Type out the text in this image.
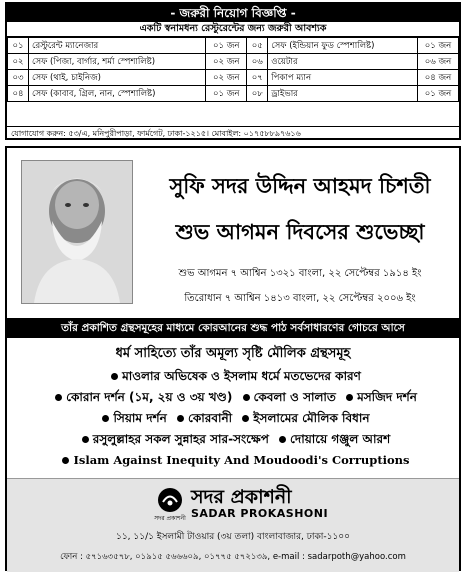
- জরুরী নিয়োগ বিজ্ঞপ্তি -
একটি স্বনামধন্য রেস্টুরেন্টের জন্য জরুরী আবশ্যক
০১	রেস্টুরেন্ট ম্যানেজার	০১ জন	০৫	সেফ (ইন্ডিয়ান ফুড স্পেশালিষ্ট)	০১ জন
০২	সেফ (পিজা, বার্গার, শর্মা স্পেশালিষ্ট)	০২ জন	০৬	ওয়েটার	০৬ জন
০৩	সেফ (থাই, চাইনিজ)	০২ জন	০৭	পিকাপ ম্যান	০৪ জন
০৪	সেফ (কাবাব, গ্রিল, নান, স্পেশালিষ্ট)	০১ জন	০৮	ড্রাইভার	০১ জন
যোগাযোগ করুন: ৫৩/এ, মনিপুরীপাড়া, ফার্মগেট, ঢাকা-১২১৫। মোবাইল: ০১৭৫৮৮৯৭৬১৬
সুফি সদর উদ্দিন আহমদ চিশতী
শুভ আগমন দিবসের শুভেচ্ছা
শুভ আগমন ৭ আশ্বিন ১৩২১ বাংলা, ২২ সেপ্টেম্বর ১৯১৪ ইং
তিরোধান ৭ আশ্বিন ১৪১৩ বাংলা, ২২ সেপ্টেম্বর ২০০৬ ইং
তাঁর প্রকাশিত গ্রন্থসমূহের মাধ্যমে কোরআনের শুদ্ধ পাঠ সর্বসাধারণের গোচরে আসে
ধর্ম সাহিত্যে তাঁর অমূল্য সৃষ্টি মৌলিক গ্রন্থসমূহ
মাওলার অভিষেক ও ইসলাম ধর্মে মতভেদের কারণ
কোরান দর্শন (১ম, ২য় ও ৩য় খণ্ড) কেবলা ও সালাত মসজিদ দর্শন
সিয়াম দর্শন কোরবানী ইসলামের মৌলিক বিধান
রসুলুল্লাহর সকল সুন্নাহর সার-সংক্ষেপ দোয়ায়ে গঞ্জুল আরশ
Islam Against Inequity And Moudoodi's Corruptions
সদর প্রকাশনী
সদর প্রকাশনী
SADAR PROKASHONI
১১, ১১/১ ইসলামী টাওয়ার (৩য় তলা) বাংলাবাজার, ঢাকা-১১০০
ফোন : ৫৭১৬৩৫৭৮, ০১৯১৫ ৫৬৬৬০৯, ০১৭৭৫ ৫৭২১৩৯, e-mail : sadarpoth@yahoo.com
